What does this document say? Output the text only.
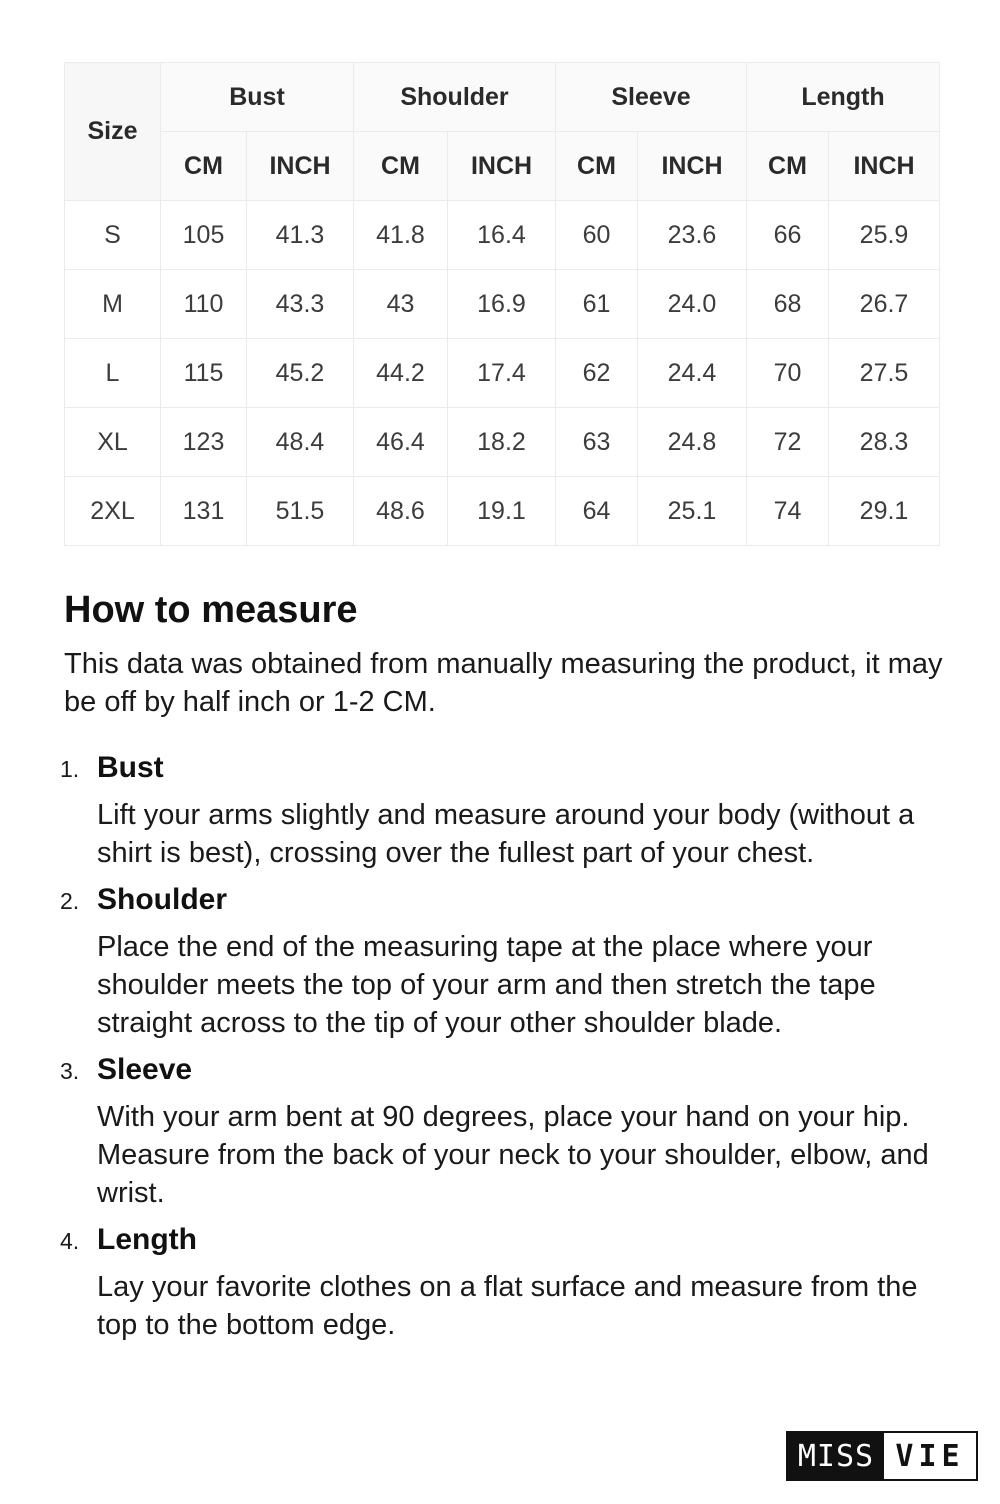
Size	Bust		Shoulder		Sleeve		Length	
	CM	INCH	CM	INCH	CM	INCH	CM	INCH
S	105	41.3	41.8	16.4	60	23.6	66	25.9
M	110	43.3	43	16.9	61	24.0	68	26.7
L	115	45.2	44.2	17.4	62	24.4	70	27.5
XL	123	48.4	46.4	18.2	63	24.8	72	28.3
2XL	131	51.5	48.6	19.1	64	25.1	74	29.1
How to measure

This data was obtained from manually measuring the product, it may be off by half inch or 1-2 CM.

1. Bust
Lift your arms slightly and measure around your body (without a shirt is best), crossing over the fullest part of your chest.
2. Shoulder
Place the end of the measuring tape at the place where your shoulder meets the top of your arm and then stretch the tape straight across to the tip of your other shoulder blade.
3. Sleeve
With your arm bent at 90 degrees, place your hand on your hip. Measure from the back of your neck to your shoulder, elbow, and wrist.
4. Length
Lay your favorite clothes on a flat surface and measure from the top to the bottom edge.
MISS VIE
